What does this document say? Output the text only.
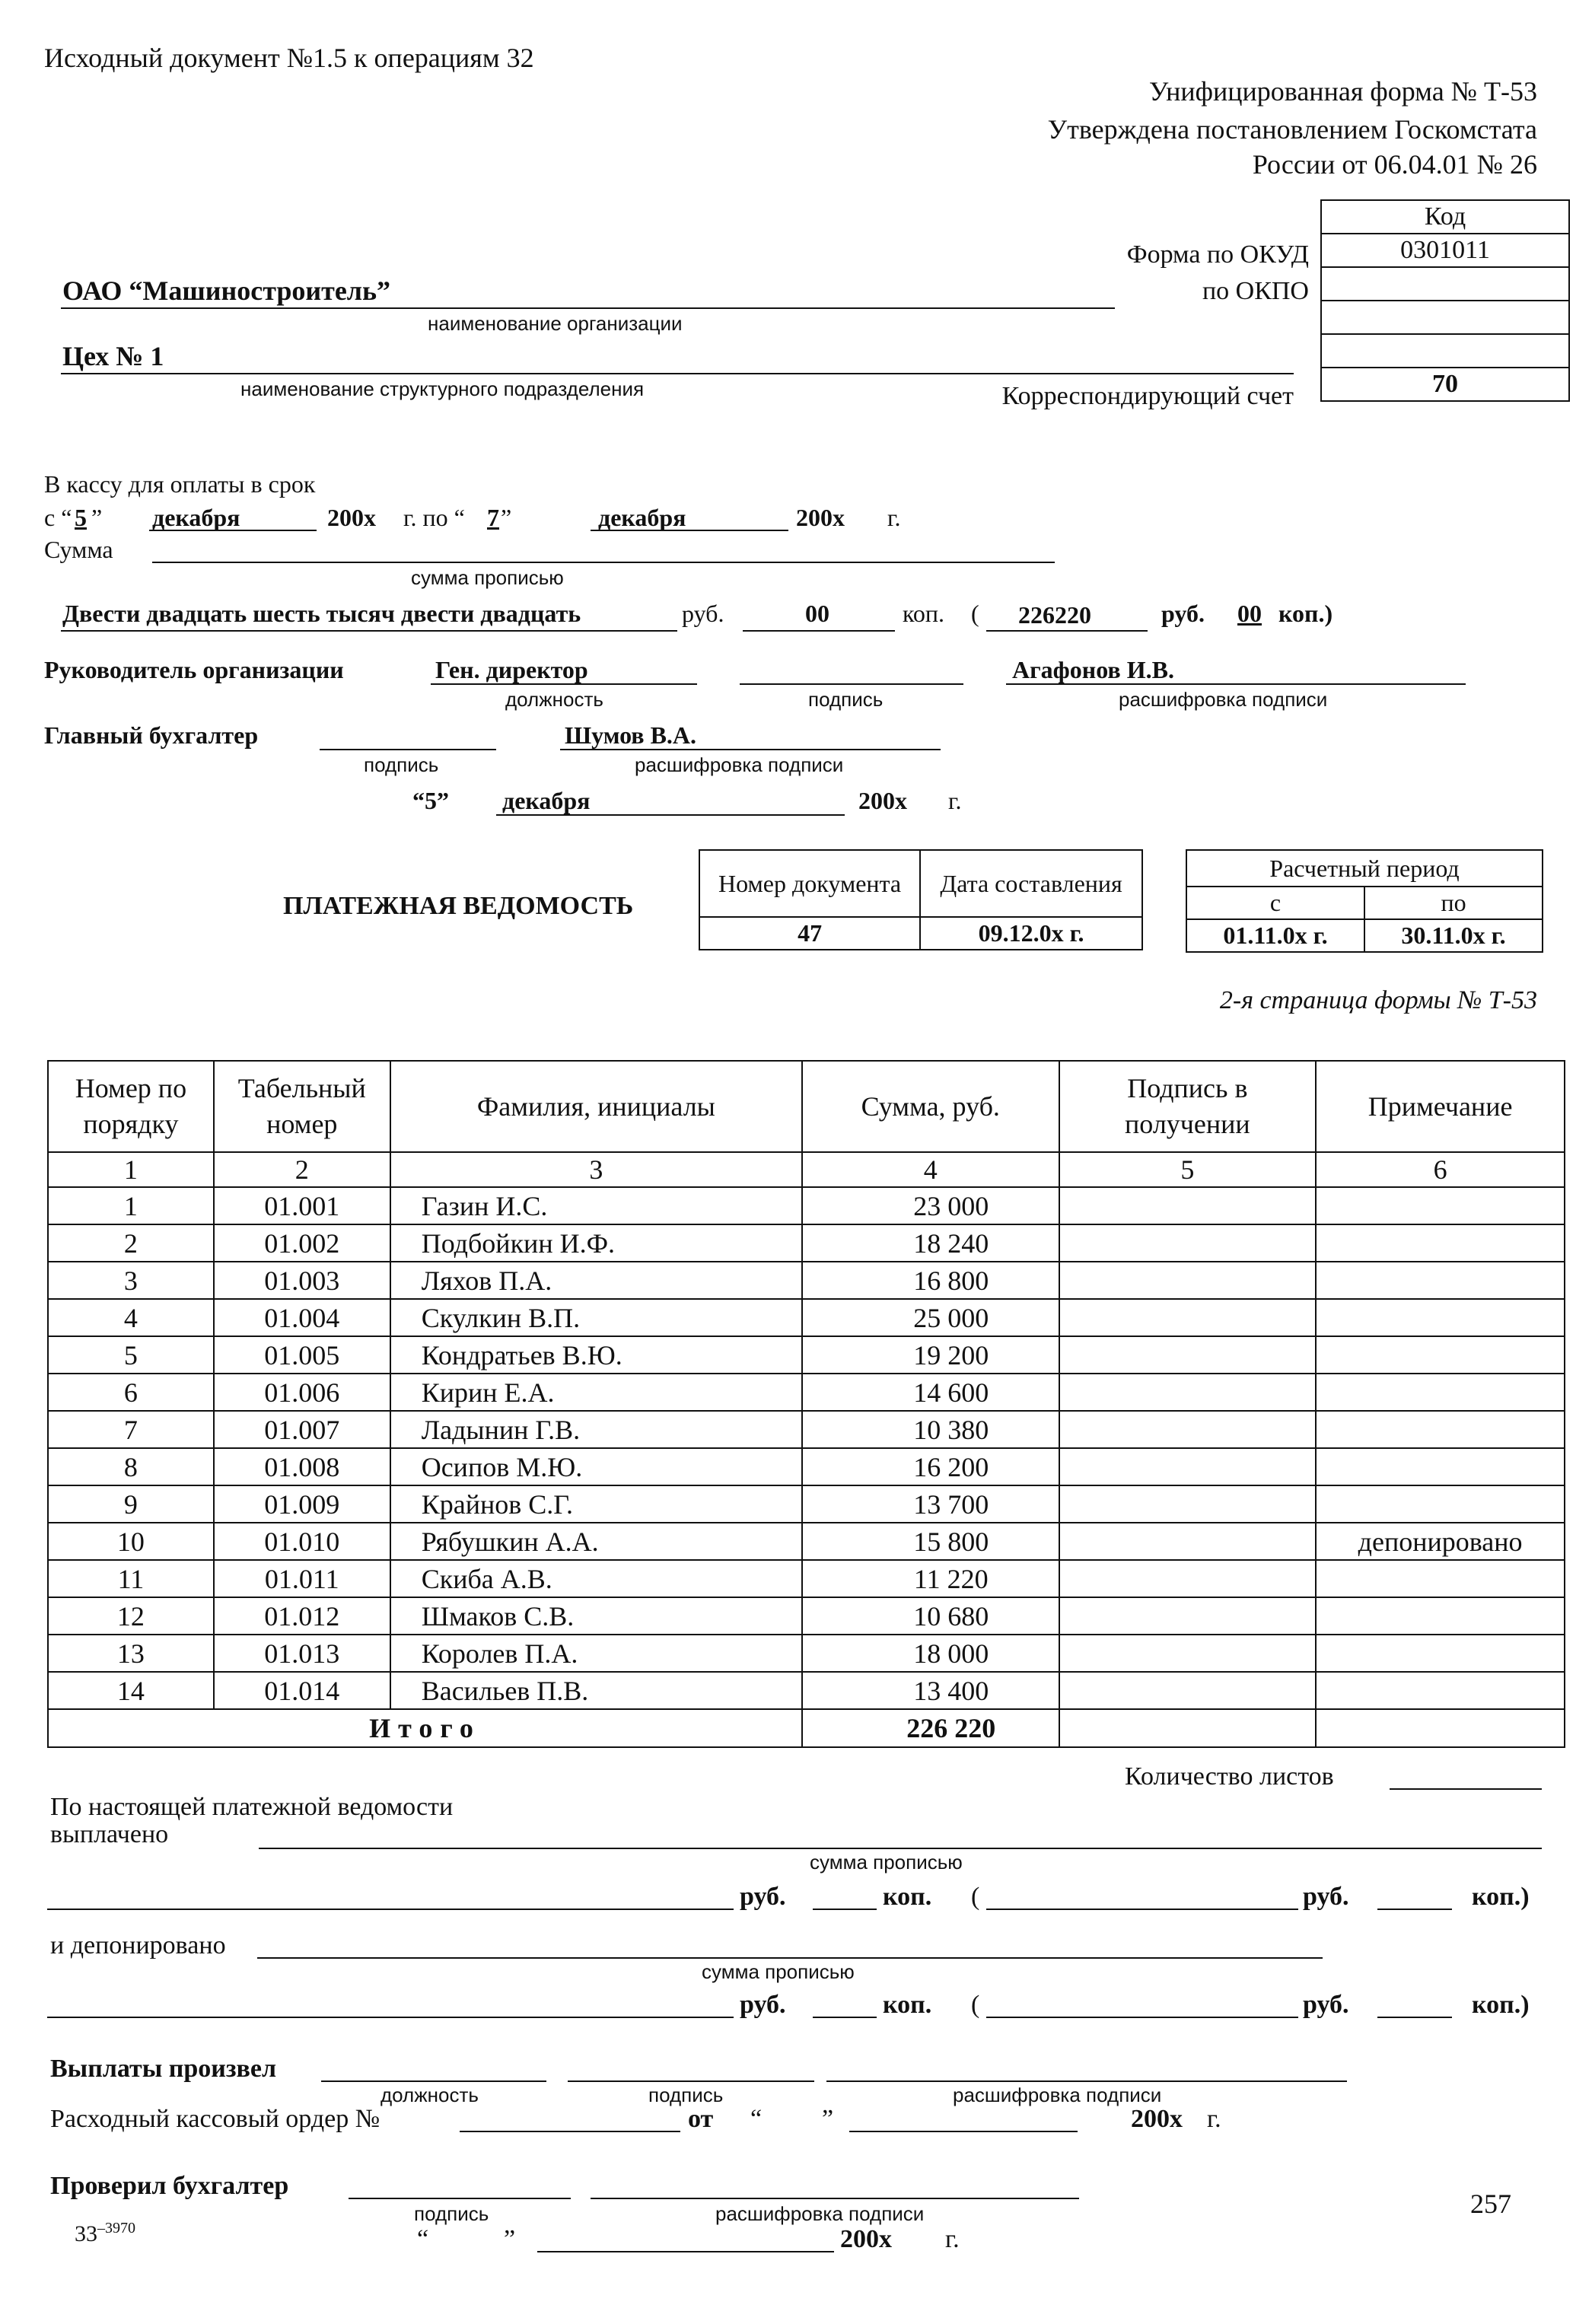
Исходный документ №1.5 к операциям 32
Унифицированная форма № Т-53
Утверждена постановлением Госкомстата
России от 06.04.01 № 26
Код
0301011

70
Форма по ОКУД
по ОКПО
Корреспондирующий счет
ОАО “Машиностроитель”
наименование организации
Цех № 1
наименование структурного подразделения
В кассу для оплаты в срок
с “ 5 ” декабря	200х г. по “ 7 ”	декабря	200х г.
Сумма
сумма прописью
Двести двадцать шесть тысяч двести двадцать	руб.	00	коп. ( 226220	руб. 00 коп.)
Руководитель организации	Ген. директор	Агафонов И.В.
должность	подпись	расшифровка подписи
Главный бухгалтер	Шумов В.А.
подпись	расшифровка подписи
“5” декабря	200х г.
ПЛАТЕЖНАЯ ВЕДОМОСТЬ
Номер документа	Дата составления
47	09.12.0х г.
Расчетный период	
с	по
01.11.0х г.	30.11.0х г.
2-я страница формы № Т-53
Номер по порядку	Табельный номер	Фамилия, инициалы	Сумма, руб.	Подпись в получении	Примечание
1	2	3	4	5	6
1	01.001	Газин И.С.	23 000		
2	01.002	Подбойкин И.Ф.	18 240		
3	01.003	Ляхов П.А.	16 800		
4	01.004	Скулкин В.П.	25 000		
5	01.005	Кондратьев В.Ю.	19 200		
6	01.006	Кирин Е.А.	14 600		
7	01.007	Ладынин Г.В.	10 380		
8	01.008	Осипов М.Ю.	16 200		
9	01.009	Крайнов С.Г.	13 700		
10	01.010	Рябушкин А.А.	15 800		депонировано
11	01.011	Скиба А.В.	11 220		
12	01.012	Шмаков С.В.	10 680		
13	01.013	Королев П.А.	18 000		
14	01.014	Васильев П.В.	13 400		
Итого			226 220		
Количество листов
По настоящей платежной ведомости
выплачено
сумма прописью
руб.	коп. (	руб.	коп.)
и депонировано
сумма прописью
руб.	коп. (	руб.	коп.)
Выплаты произвел
должность	подпись	расшифровка подписи
Расходный кассовый ордер №	от “ ”	200х г.
Проверил бухгалтер
подпись	расшифровка подписи
$33^{-3970}$	“	”	200х г.
257
